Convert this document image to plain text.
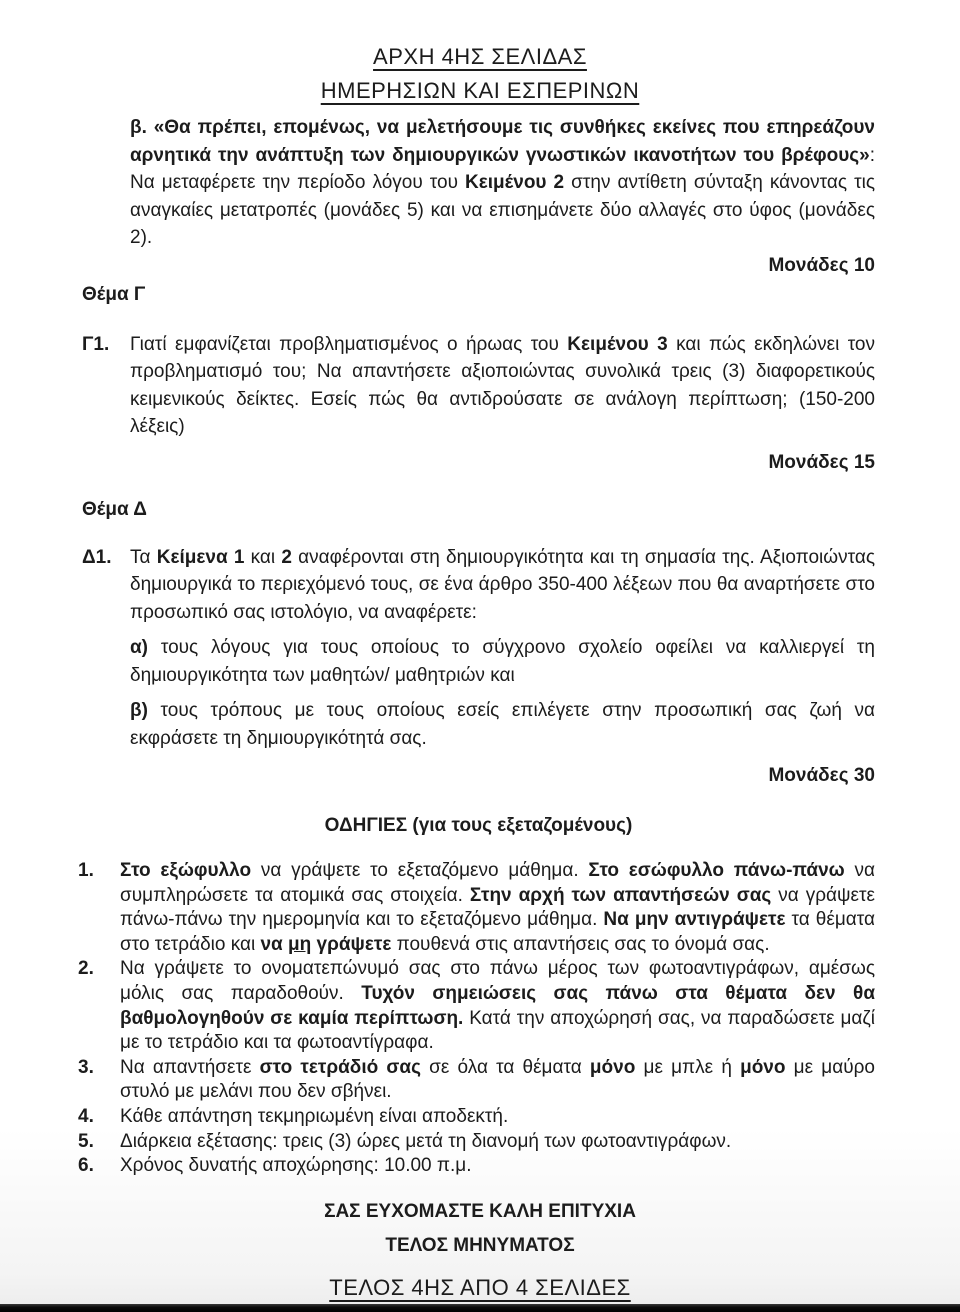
ΑΡΧΗ 4ΗΣ ΣΕΛΙΔΑΣ
ΗΜΕΡΗΣΙΩΝ ΚΑΙ ΕΣΠΕΡΙΝΩΝ

β. «Θα πρέπει, επομένως, να μελετήσουμε τις συνθήκες εκείνες που επηρεάζουν αρνητικά την ανάπτυξη των δημιουργικών γνωστικών ικανοτήτων του βρέφους»: Να μεταφέρετε την περίοδο λόγου του Κειμένου 2 στην αντίθετη σύνταξη κάνοντας τις αναγκαίες μετατροπές (μονάδες 5) και να επισημάνετε δύο αλλαγές στο ύφος (μονάδες 2).

Μονάδες 10

Θέμα Γ
Γ1. Γιατί εμφανίζεται προβληματισμένος ο ήρωας του Κειμένου 3 και πώς εκδηλώνει τον προβληματισμό του; Να απαντήσετε αξιοποιώντας συνολικά τρεις (3) διαφορετικούς κειμενικούς δείκτες. Εσείς πώς θα αντιδρούσατε σε ανάλογη περίπτωση; (150-200 λέξεις)

Μονάδες 15

Θέμα Δ
Δ1. Τα Κείμενα 1 και 2 αναφέρονται στη δημιουργικότητα και τη σημασία της. Αξιοποιώντας δημιουργικά το περιεχόμενό τους, σε ένα άρθρο 350-400 λέξεων που θα αναρτήσετε στο προσωπικό σας ιστολόγιο, να αναφέρετε:

α) τους λόγους για τους οποίους το σύγχρονο σχολείο οφείλει να καλλιεργεί τη δημιουργικότητα των μαθητών/ μαθητριών και

β) τους τρόπους με τους οποίους εσείς επιλέγετε στην προσωπική σας ζωή να εκφράσετε τη δημιουργικότητά σας.

Μονάδες 30

ΟΔΗΓΙΕΣ (για τους εξεταζομένους)
1. Στο εξώφυλλο να γράψετε το εξεταζόμενο μάθημα. Στο εσώφυλλο πάνω-πάνω να συμπληρώσετε τα ατομικά σας στοιχεία. Στην αρχή των απαντήσεών σας να γράψετε πάνω-πάνω την ημερομηνία και το εξεταζόμενο μάθημα. Να μην αντιγράψετε τα θέματα στο τετράδιο και να μη γράψετε πουθενά στις απαντήσεις σας το όνομά σας.
2. Να γράψετε το ονοματεπώνυμό σας στο πάνω μέρος των φωτοαντιγράφων, αμέσως μόλις σας παραδοθούν. Τυχόν σημειώσεις σας πάνω στα θέματα δεν θα βαθμολογηθούν σε καμία περίπτωση. Κατά την αποχώρησή σας, να παραδώσετε μαζί με το τετράδιο και τα φωτοαντίγραφα.
3. Να απαντήσετε στο τετράδιό σας σε όλα τα θέματα μόνο με μπλε ή μόνο με μαύρο στυλό με μελάνι που δεν σβήνει.
4. Κάθε απάντηση τεκμηριωμένη είναι αποδεκτή.
5. Διάρκεια εξέτασης: τρεις (3) ώρες μετά τη διανομή των φωτοαντιγράφων.
6. Χρόνος δυνατής αποχώρησης: 10.00 π.μ.
ΣΑΣ ΕΥΧΟΜΑΣΤΕ ΚΑΛΗ ΕΠΙΤΥΧΙΑ
ΤΕΛΟΣ ΜΗΝΥΜΑΤΟΣ
ΤΕΛΟΣ 4ΗΣ ΑΠΟ 4 ΣΕΛΙΔΕΣ
